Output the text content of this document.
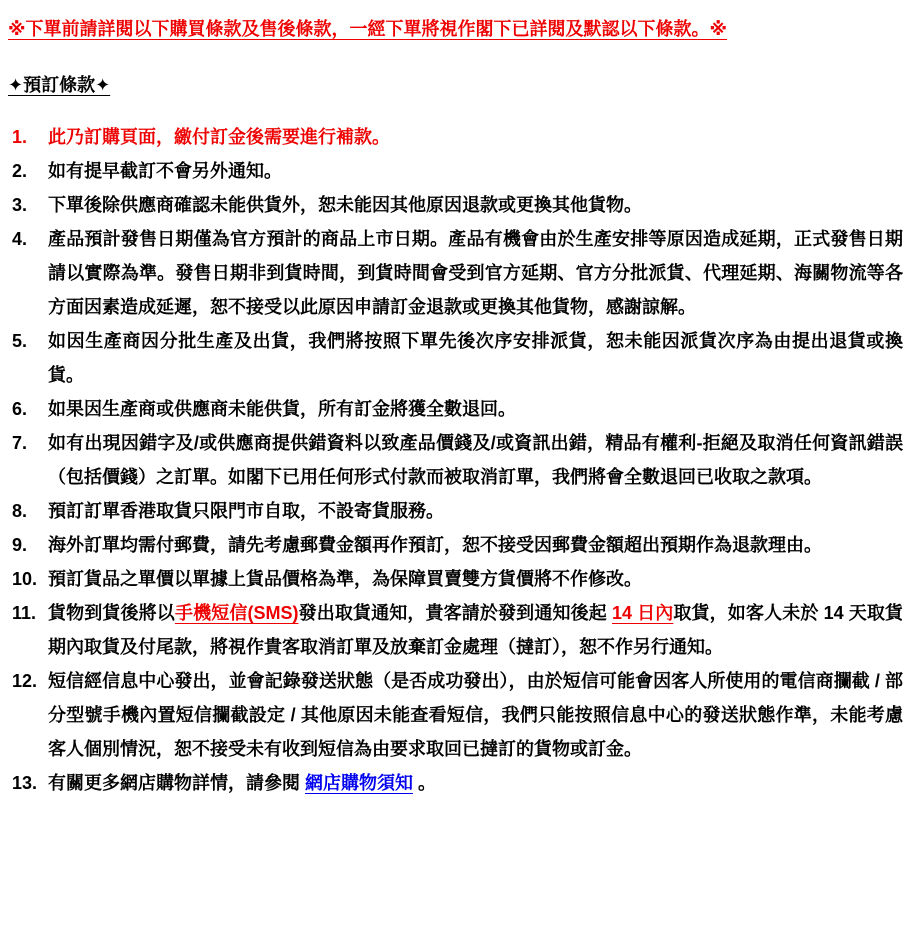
※下單前請詳閱以下購買條款及售後條款，一經下單將視作閣下已詳閱及默認以下條款。※

✦預訂條款✦

1. 此乃訂購頁面，繳付訂金後需要進行補款。
2. 如有提早截訂不會另外通知。
3. 下單後除供應商確認未能供貨外，恕未能因其他原因退款或更換其他貨物。
4. 產品預計發售日期僅為官方預計的商品上市日期。產品有機會由於生產安排等原因造成延期，正式發售日期請以實際為準。發售日期非到貨時間，到貨時間會受到官方延期、官方分批派貨、代理延期、海關物流等各方面因素造成延遲，恕不接受以此原因申請訂金退款或更換其他貨物，感謝諒解。
5. 如因生產商因分批生產及出貨，我們將按照下單先後次序安排派貨，恕未能因派貨次序為由提出退貨或換貨。
6. 如果因生產商或供應商未能供貨，所有訂金將獲全數退回。
7. 如有出現因錯字及/或供應商提供錯資料以致產品價錢及/或資訊出錯，精品有權利-拒絕及取消任何資訊錯誤（包括價錢）之訂單。如閣下已用任何形式付款而被取消訂單，我們將會全數退回已收取之款項。
8. 預訂訂單香港取貨只限門市自取，不設寄貨服務。
9. 海外訂單均需付郵費，請先考慮郵費金額再作預訂，恕不接受因郵費金額超出預期作為退款理由。
10. 預訂貨品之單價以單據上貨品價格為準，為保障買賣雙方貨價將不作修改。
11. 貨物到貨後將以手機短信(SMS)發出取貨通知，貴客請於發到通知後起 14 日內取貨，如客人未於 14 天取貨期內取貨及付尾款，將視作貴客取消訂單及放棄訂金處理（撻訂），恕不作另行通知。
12. 短信經信息中心發出，並會記錄發送狀態（是否成功發出），由於短信可能會因客人所使用的電信商攔截 / 部分型號手機內置短信攔截設定 / 其他原因未能查看短信，我們只能按照信息中心的發送狀態作準，未能考慮客人個別情況，恕不接受未有收到短信為由要求取回已撻訂的貨物或訂金。
13. 有關更多網店購物詳情，請參閱 網店購物須知 。
